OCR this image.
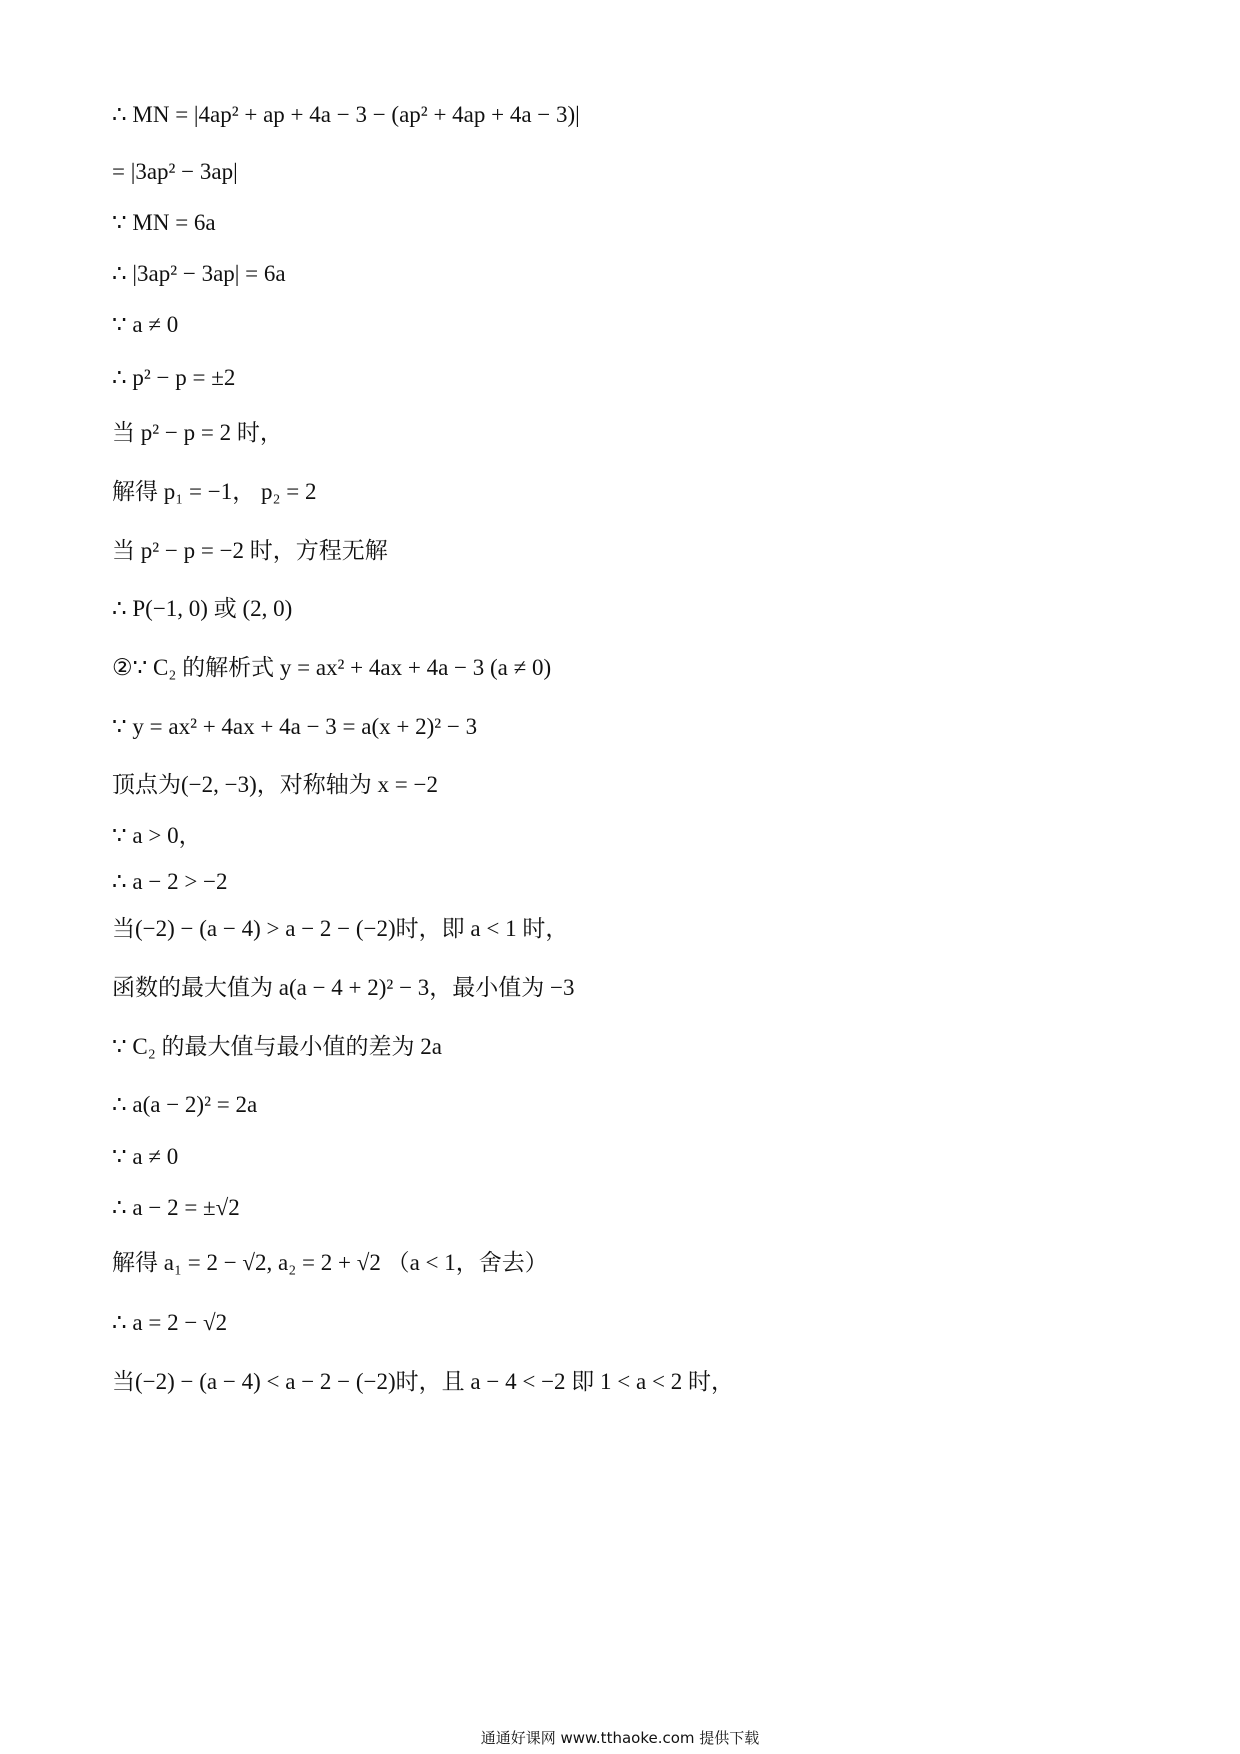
∴ MN = |4ap² + ap + 4a − 3 − (ap² + 4ap + 4a − 3)|
= |3ap² − 3ap|
∵ MN = 6a
∴ |3ap² − 3ap| = 6a
∵ a ≠ 0
∴ p² − p = ±2
当 p² − p = 2 时，
解得 p₁ = −1， p₂ = 2
当 p² − p = −2 时，方程无解
∴ P(−1, 0) 或 (2, 0)
②∵ C₂ 的解析式 y = ax² + 4ax + 4a − 3 (a ≠ 0)
∵ y = ax² + 4ax + 4a − 3 = a(x + 2)² − 3
顶点为(−2, −3)，对称轴为 x = −2
∵ a > 0，
∴ a − 2 > −2
当(−2) − (a − 4) > a − 2 − (−2)时，即 a < 1 时，
函数的最大值为 a(a − 4 + 2)² − 3，最小值为 −3
∵ C₂ 的最大值与最小值的差为 2a
∴ a(a − 2)² = 2a
∵ a ≠ 0
∴ a − 2 = ±√2
解得 a₁ = 2 − √2, a₂ = 2 + √2 （a < 1，舍去）
∴ a = 2 − √2
当(−2) − (a − 4) < a − 2 − (−2)时，且 a − 4 < −2 即 1 < a < 2 时，
通通好课网 www.tthaoke.com 提供下载
